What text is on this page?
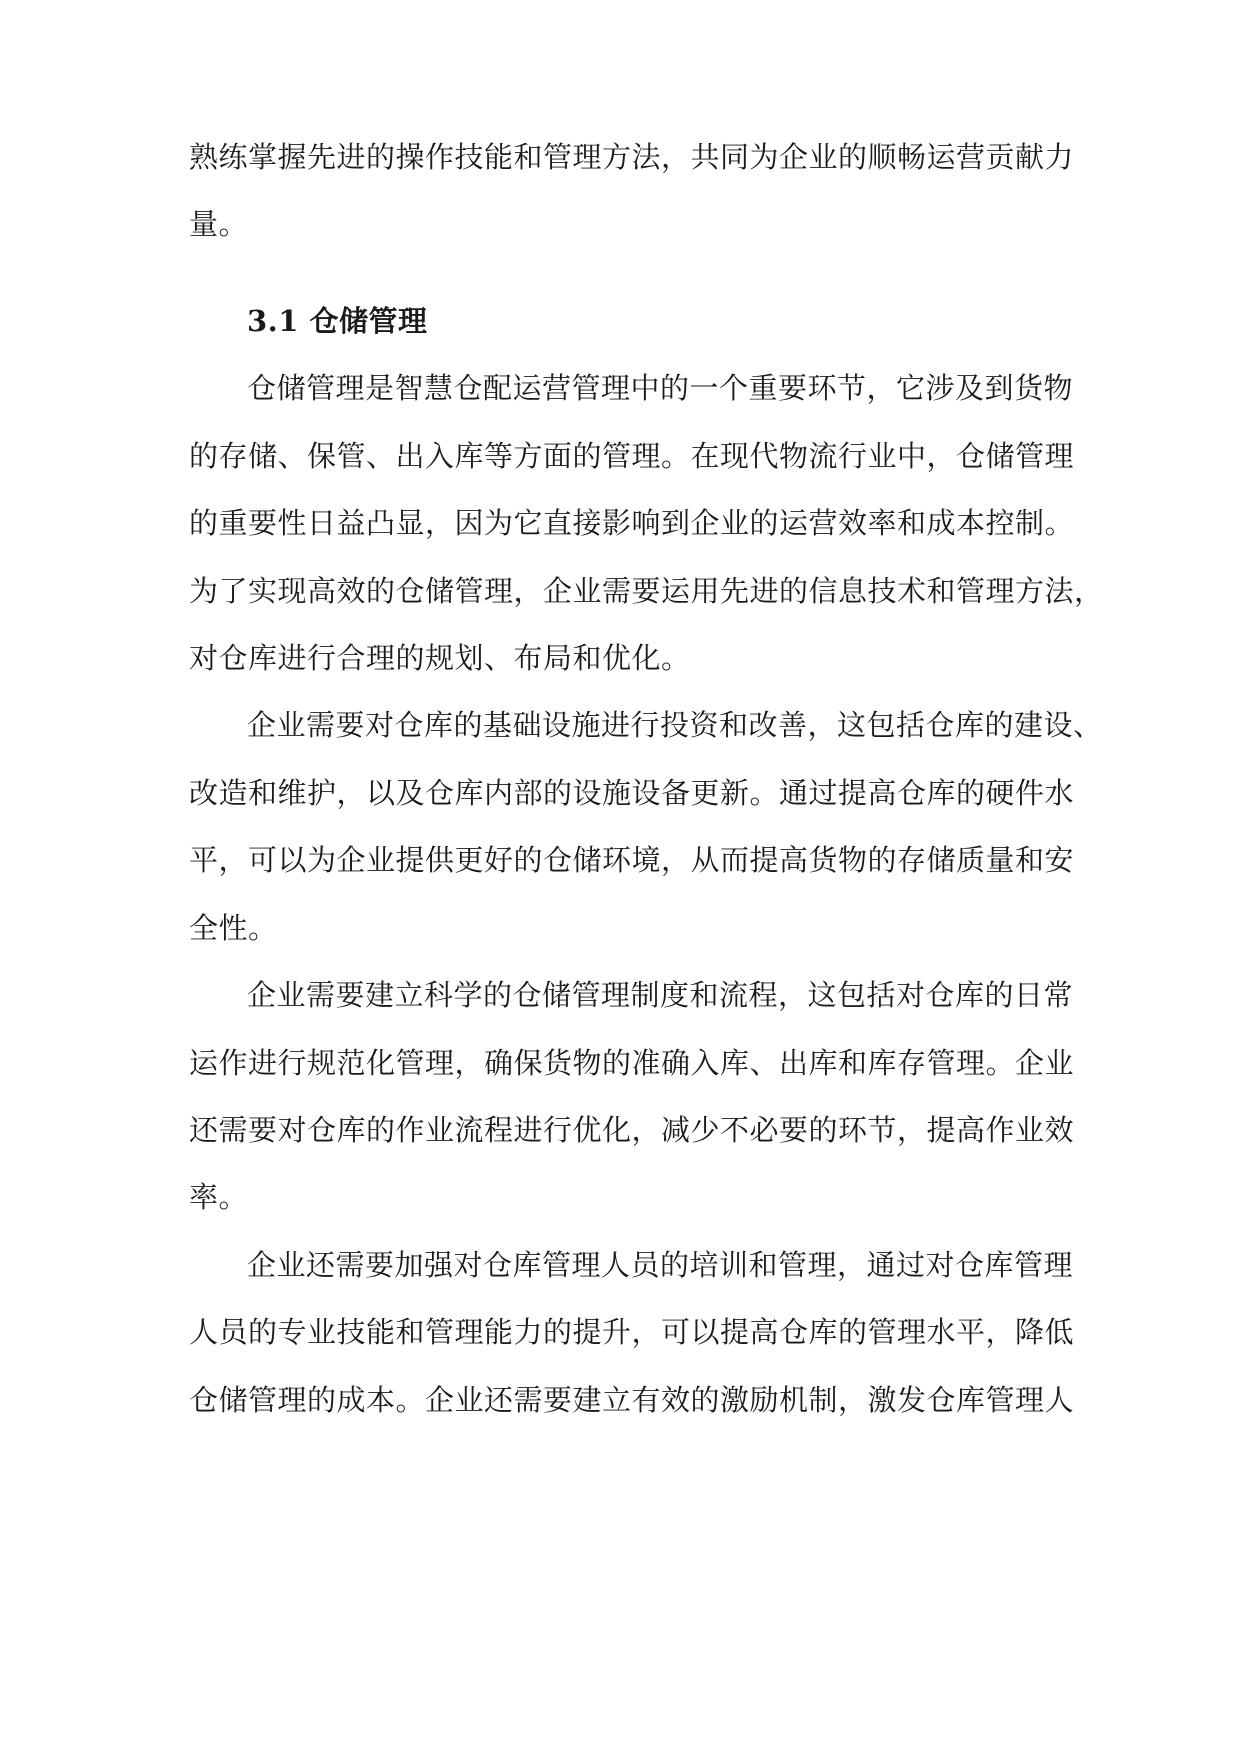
熟练掌握先进的操作技能和管理方法，共同为企业的顺畅运营贡献力
量。
3.1 仓储管理
仓储管理是智慧仓配运营管理中的一个重要环节，它涉及到货物
的存储、保管、出入库等方面的管理。在现代物流行业中，仓储管理
的重要性日益凸显，因为它直接影响到企业的运营效率和成本控制。
为了实现高效的仓储管理，企业需要运用先进的信息技术和管理方法，
对仓库进行合理的规划、布局和优化。
企业需要对仓库的基础设施进行投资和改善，这包括仓库的建设、
改造和维护，以及仓库内部的设施设备更新。通过提高仓库的硬件水
平，可以为企业提供更好的仓储环境，从而提高货物的存储质量和安
全性。
企业需要建立科学的仓储管理制度和流程，这包括对仓库的日常
运作进行规范化管理，确保货物的准确入库、出库和库存管理。企业
还需要对仓库的作业流程进行优化，减少不必要的环节，提高作业效
率。
企业还需要加强对仓库管理人员的培训和管理，通过对仓库管理
人员的专业技能和管理能力的提升，可以提高仓库的管理水平，降低
仓储管理的成本。企业还需要建立有效的激励机制，激发仓库管理人
